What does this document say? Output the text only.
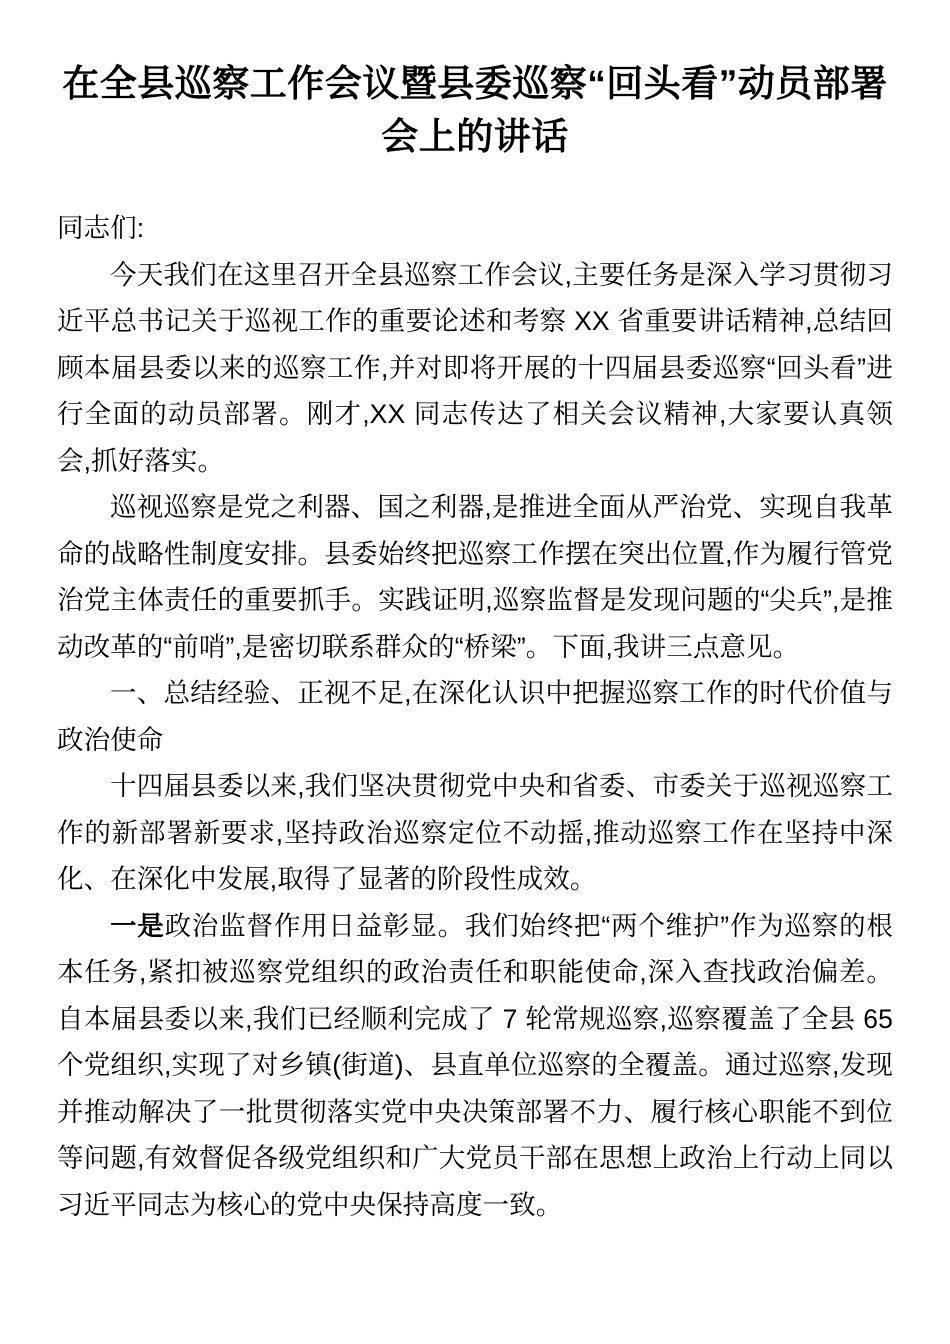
在全县巡察工作会议暨县委巡察“回头看”动员部署会上的讲话

同志们:

今天我们在这里召开全县巡察工作会议,主要任务是深入学习贯彻习近平总书记关于巡视工作的重要论述和考察 XX 省重要讲话精神,总结回顾本届县委以来的巡察工作,并对即将开展的十四届县委巡察“回头看”进行全面的动员部署。刚才,XX 同志传达了相关会议精神,大家要认真领会,抓好落实。

巡视巡察是党之利器、国之利器,是推进全面从严治党、实现自我革命的战略性制度安排。县委始终把巡察工作摆在突出位置,作为履行管党治党主体责任的重要抓手。实践证明,巡察监督是发现问题的“尖兵”,是推动改革的“前哨”,是密切联系群众的“桥梁”。下面,我讲三点意见。

一、总结经验、正视不足,在深化认识中把握巡察工作的时代价值与政治使命

十四届县委以来,我们坚决贯彻党中央和省委、市委关于巡视巡察工作的新部署新要求,坚持政治巡察定位不动摇,推动巡察工作在坚持中深化、在深化中发展,取得了显著的阶段性成效。

一是政治监督作用日益彰显。我们始终把“两个维护”作为巡察的根本任务,紧扣被巡察党组织的政治责任和职能使命,深入查找政治偏差。自本届县委以来,我们已经顺利完成了 7 轮常规巡察,巡察覆盖了全县 65 个党组织,实现了对乡镇(街道)、县直单位巡察的全覆盖。通过巡察,发现并推动解决了一批贯彻落实党中央决策部署不力、履行核心职能不到位等问题,有效督促各级党组织和广大党员干部在思想上政治上行动上同以习近平同志为核心的党中央保持高度一致。
